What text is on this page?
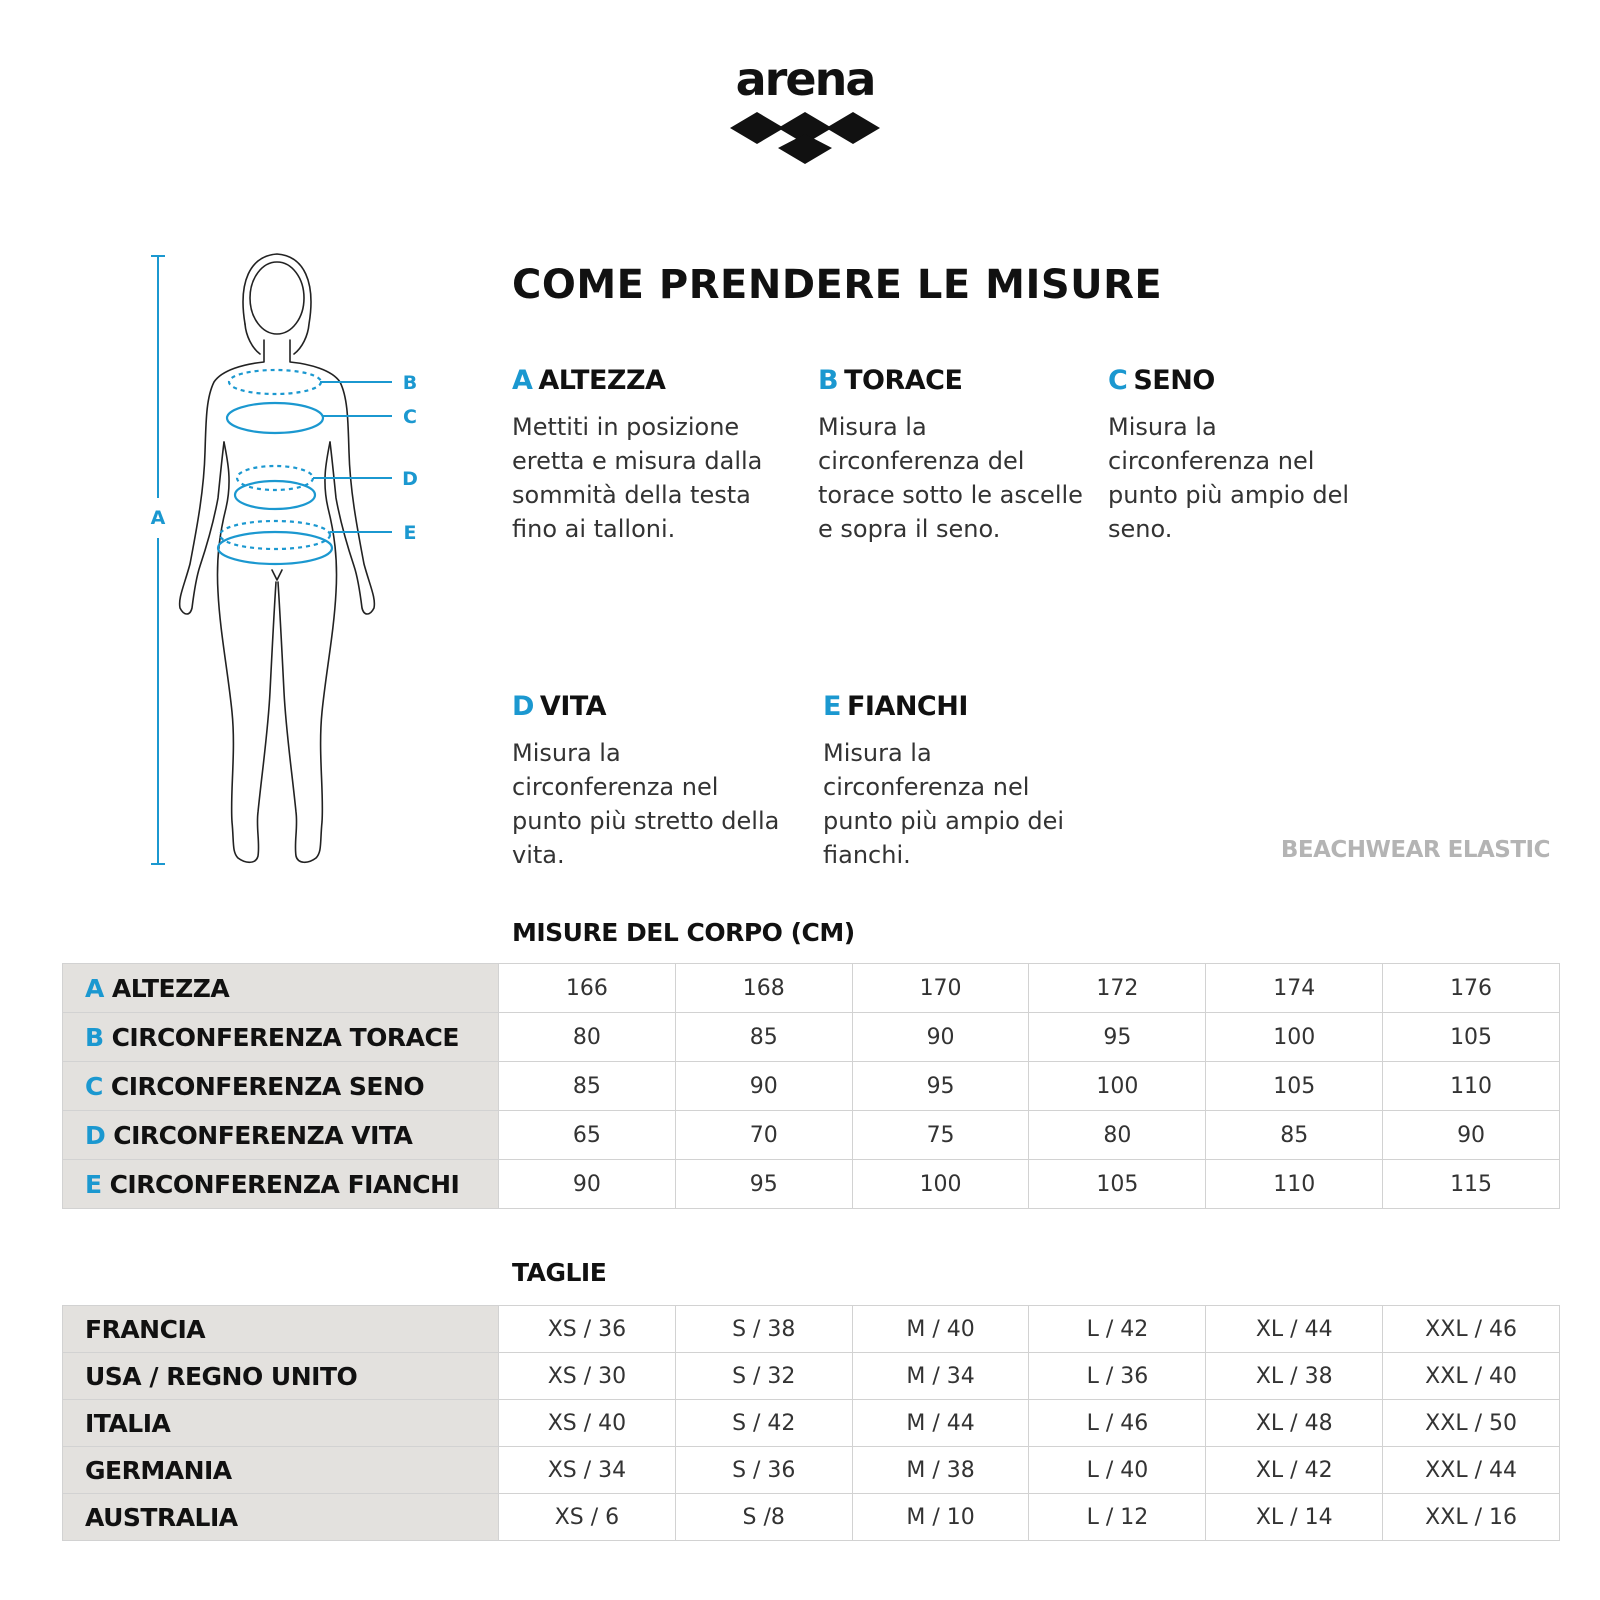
arena
A
B
C
D
E
COME PRENDERE LE MISURE
A ALTEZZA
Mettiti in posizione eretta e misura dalla sommità della testa fino ai talloni.
B TORACE
Misura la circonferenza del torace sotto le ascelle e sopra il seno.
C SENO
Misura la circonferenza nel punto più ampio del seno.
D VITA
Misura la circonferenza nel punto più stretto della vita.
E FIANCHI
Misura la circonferenza nel punto più ampio dei fianchi.	BEACHWEAR ELASTIC
MISURE DEL CORPO (CM)
A ALTEZZA	166	168	170	172	174	176
B CIRCONFERENZA TORACE	80	85	90	95	100	105
C CIRCONFERENZA SENO	85	90	95	100	105	110
D CIRCONFERENZA VITA	65	70	75	80	85	90
E CIRCONFERENZA FIANCHI	90	95	100	105	110	115
TAGLIE
FRANCIA	XS / 36	S / 38	M / 40	L / 42	XL / 44	XXL / 46
USA / REGNO UNITO	XS / 30	S / 32	M / 34	L / 36	XL / 38	XXL / 40
ITALIA	XS / 40	S / 42	M / 44	L / 46	XL / 48	XXL / 50
GERMANIA	XS / 34	S / 36	M / 38	L / 40	XL / 42	XXL / 44
AUSTRALIA	XS / 6	S /8	M / 10	L / 12	XL / 14	XXL / 16
